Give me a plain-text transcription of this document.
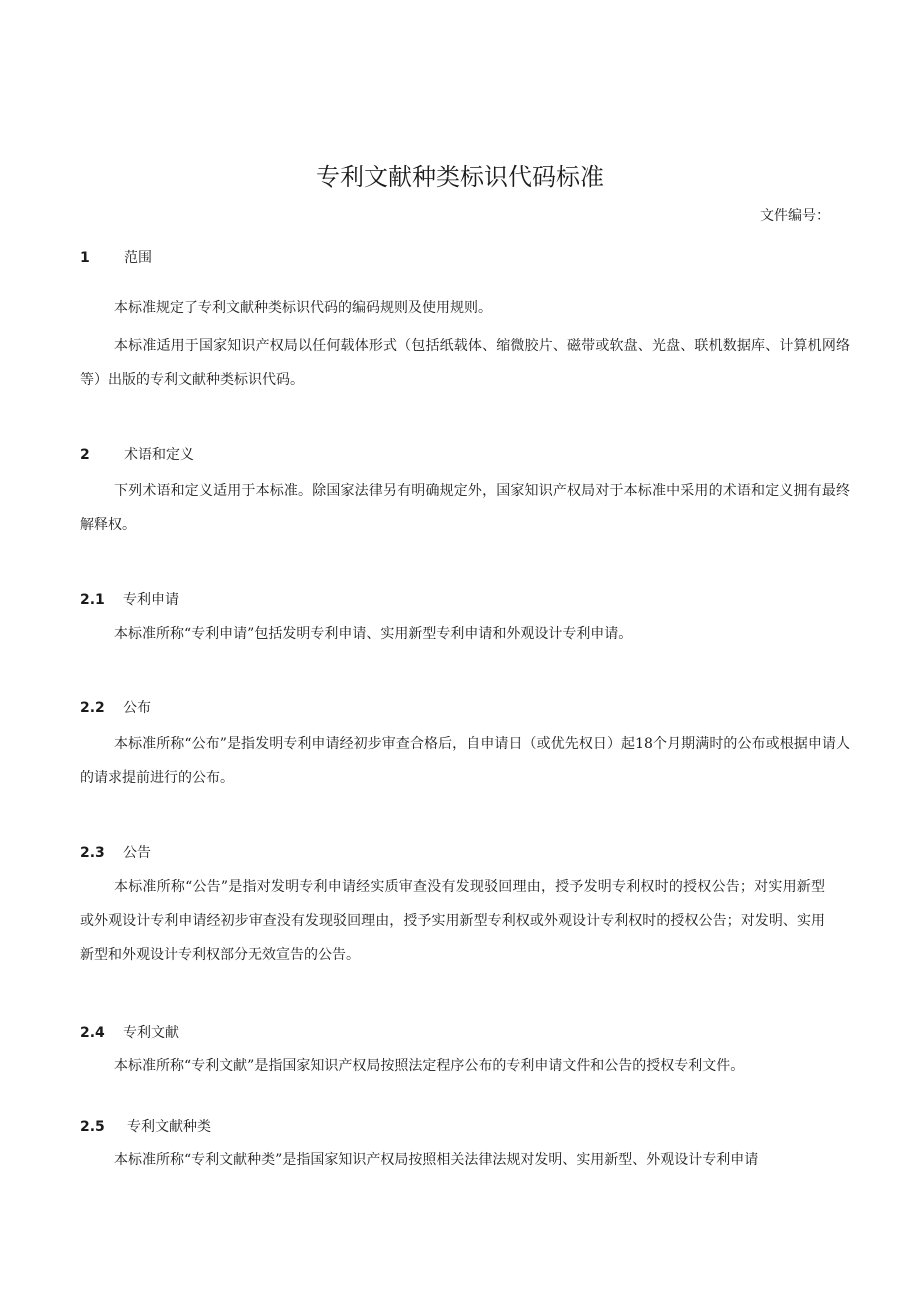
专利文献种类标识代码标准
文件编号：
1 范围

本标准规定了专利文献种类标识代码的编码规则及使用规则。

本标准适用于国家知识产权局以任何载体形式（包括纸载体、缩微胶片、磁带或软盘、光盘、联机数据库、计算机网络等）出版的专利文献种类标识代码。

2 术语和定义

下列术语和定义适用于本标准。除国家法律另有明确规定外，国家知识产权局对于本标准中采用的术语和定义拥有最终解释权。

2.1 专利申请

本标准所称“专利申请”包括发明专利申请、实用新型专利申请和外观设计专利申请。

2.2 公布

本标准所称“公布”是指发明专利申请经初步审查合格后，自申请日（或优先权日）起18个月期满时的公布或根据申请人的请求提前进行的公布。

2.3 公告

本标准所称“公告”是指对发明专利申请经实质审查没有发现驳回理由，授予发明专利权时的授权公告；对实用新型或外观设计专利申请经初步审查没有发现驳回理由，授予实用新型专利权或外观设计专利权时的授权公告；对发明、实用新型和外观设计专利权部分无效宣告的公告。

2.4 专利文献

本标准所称“专利文献”是指国家知识产权局按照法定程序公布的专利申请文件和公告的授权专利文件。

2.5 专利文献种类

本标准所称“专利文献种类”是指国家知识产权局按照相关法律法规对发明、实用新型、外观设计专利申请
